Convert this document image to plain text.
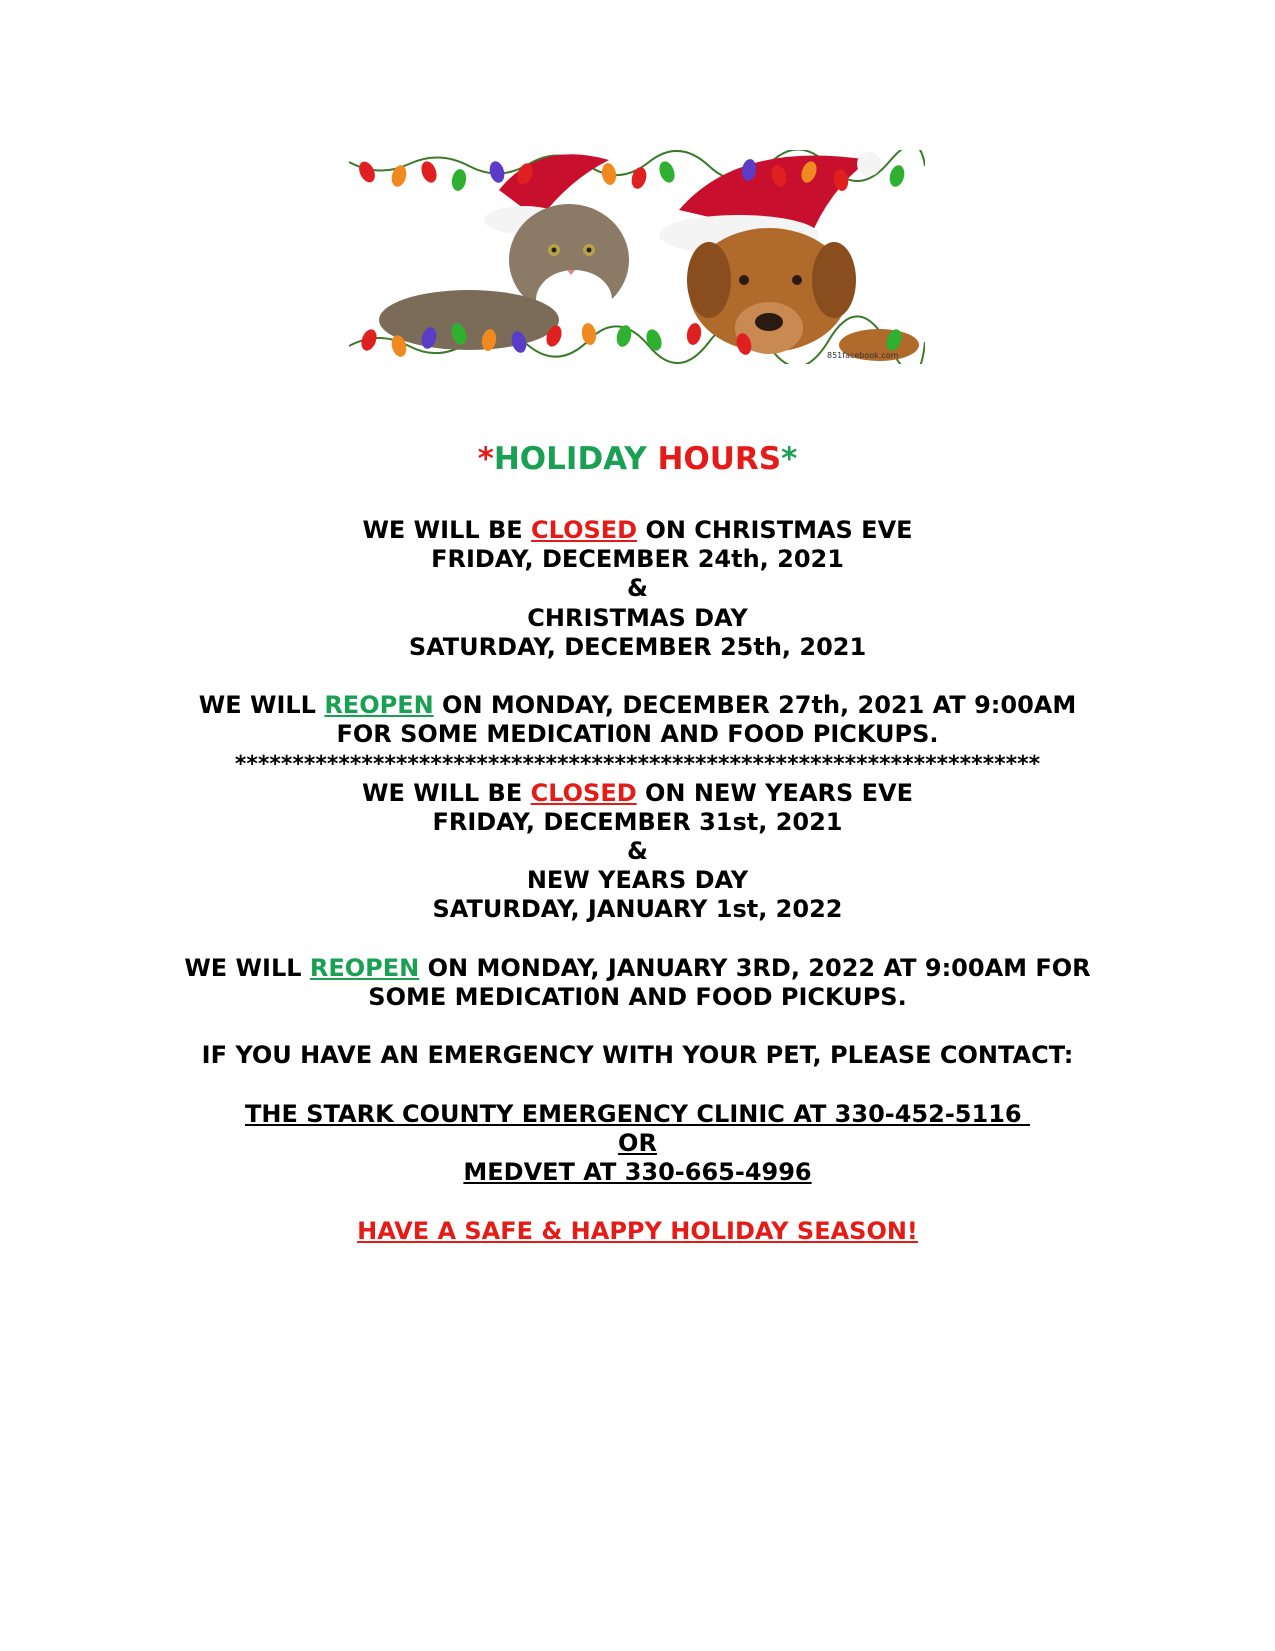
851facebook.com
*HOLIDAY HOURS*
WE WILL BE CLOSED ON CHRISTMAS EVE
FRIDAY, DECEMBER 24th, 2021
&
CHRISTMAS DAY
SATURDAY, DECEMBER 25th, 2021
WE WILL REOPEN ON MONDAY, DECEMBER 27th, 2021 AT 9:00AM
FOR SOME MEDICATI0N AND FOOD PICKUPS.
**********************************************************************
WE WILL BE CLOSED ON NEW YEARS EVE
FRIDAY, DECEMBER 31st, 2021
&
NEW YEARS DAY
SATURDAY, JANUARY 1st, 2022
WE WILL REOPEN ON MONDAY, JANUARY 3RD, 2022 AT 9:00AM FOR
SOME MEDICATI0N AND FOOD PICKUPS.
IF YOU HAVE AN EMERGENCY WITH YOUR PET, PLEASE CONTACT:
THE STARK COUNTY EMERGENCY CLINIC AT 330-452-5116
OR
MEDVET AT 330-665-4996
HAVE A SAFE & HAPPY HOLIDAY SEASON!
